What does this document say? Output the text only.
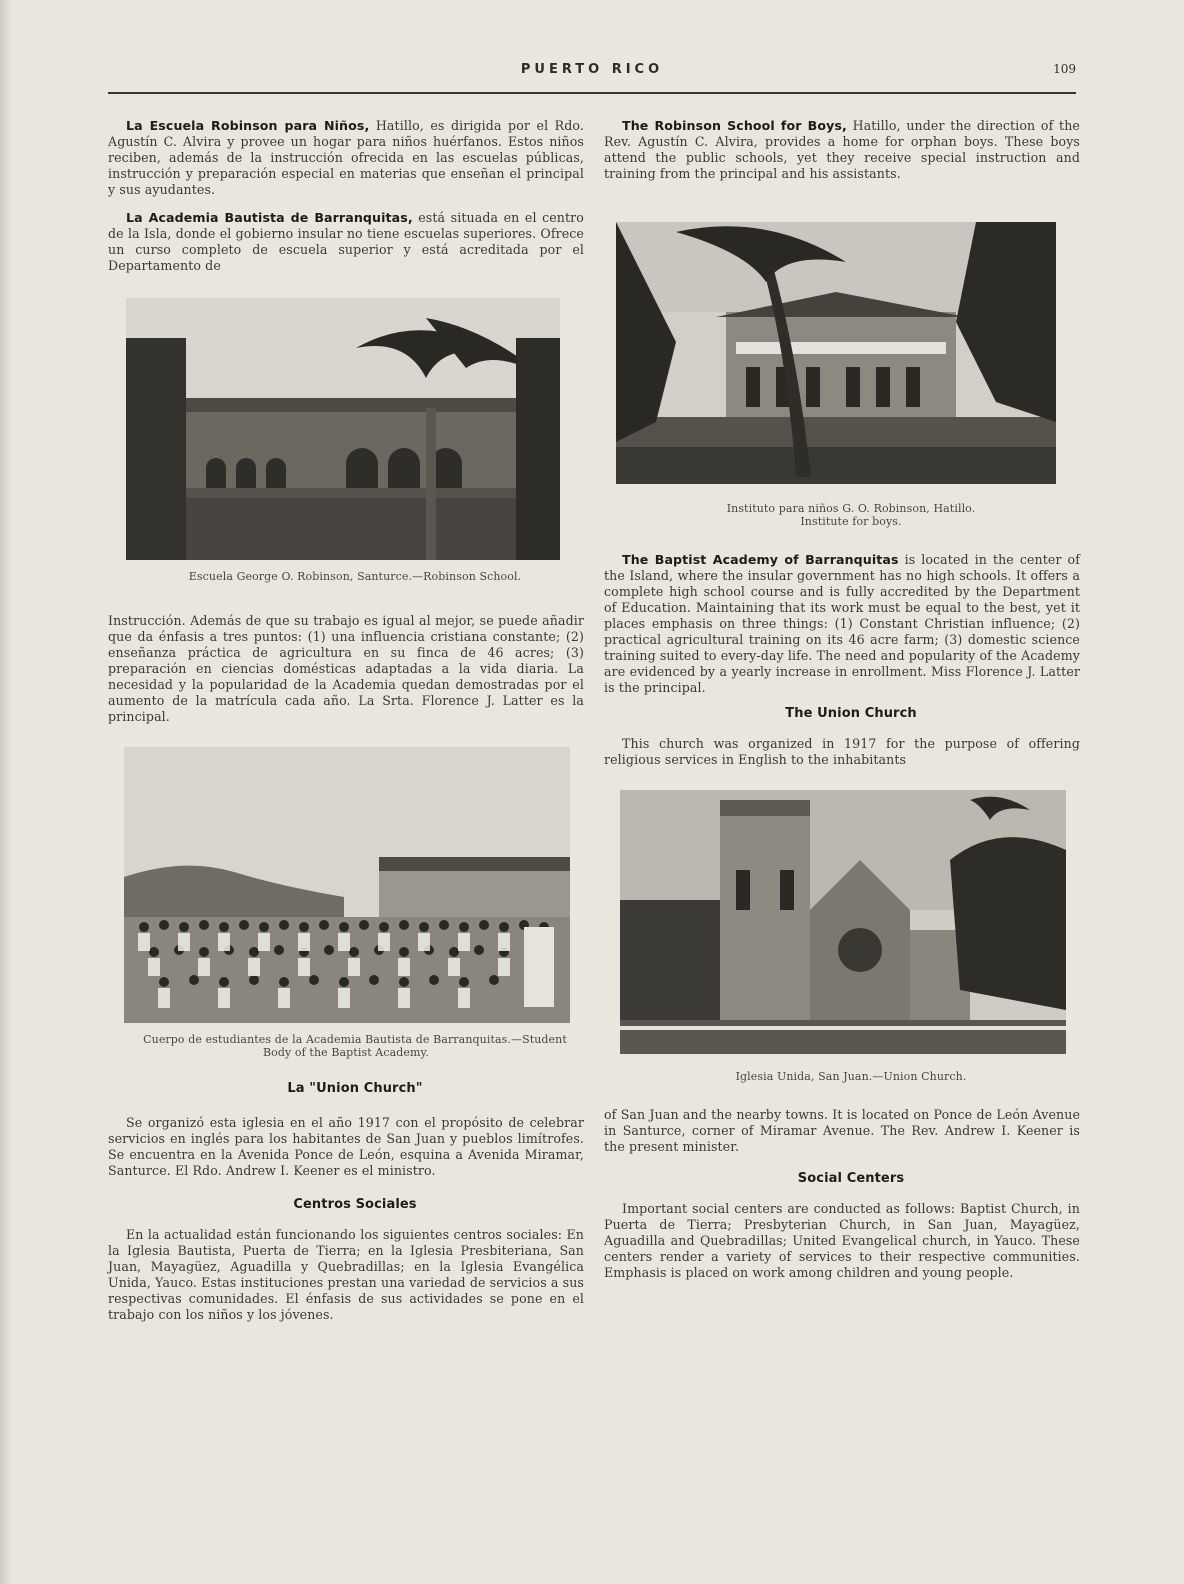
PUERTO RICO	109

La Escuela Robinson para Niños, Hatillo, es dirigida por el Rdo. Agustín C. Alvira y provee un hogar para niños huérfanos. Estos niños reciben, además de la instrucción ofrecida en las escuelas públicas, instrucción y preparación especial en materias que enseñan el principal y sus ayudantes.

La Academia Bautista de Barranquitas, está situada en el centro de la Isla, donde el gobierno insular no tiene escuelas superiores. Ofrece un curso completo de escuela superior y está acreditada por el Departamento de

Escuela George O. Robinson, Santurce.—Robinson School.

Instrucción. Además de que su trabajo es igual al mejor, se puede añadir que da énfasis a tres puntos: (1) una influencia cristiana constante; (2) enseñanza práctica de agricultura en su finca de 46 acres; (3) preparación en ciencias domésticas adaptadas a la vida diaria. La necesidad y la popularidad de la Academia quedan demostradas por el aumento de la matrícula cada año. La Srta. Florence J. Latter es la principal.

Cuerpo de estudiantes de la Academia Bautista de Barranquitas.—Student Body of the Baptist Academy.

La "Union Church"

Se organizó esta iglesia en el año 1917 con el propósito de celebrar servicios en inglés para los habitantes de San Juan y pueblos limítrofes. Se encuentra en la Avenida Ponce de León, esquina a Avenida Miramar, Santurce. El Rdo. Andrew I. Keener es el ministro.

Centros Sociales

En la actualidad están funcionando los siguientes centros sociales: En la Iglesia Bautista, Puerta de Tierra; en la Iglesia Presbiteriana, San Juan, Mayagüez, Aguadilla y Quebradillas; en la Iglesia Evangélica Unida, Yauco. Estas instituciones prestan una variedad de servicios a sus respectivas comunidades. El énfasis de sus actividades se pone en el trabajo con los niños y los jóvenes.

The Robinson School for Boys, Hatillo, under the direction of the Rev. Agustín C. Alvira, provides a home for orphan boys. These boys attend the public schools, yet they receive special instruction and training from the principal and his assistants.

Instituto para niños G. O. Robinson, Hatillo.

Institute for boys.

The Baptist Academy of Barranquitas is located in the center of the Island, where the insular government has no high schools. It offers a complete high school course and is fully accredited by the Department of Education. Maintaining that its work must be equal to the best, yet it places emphasis on three things: (1) Constant Christian influence; (2) practical agricultural training on its 46 acre farm; (3) domestic science training suited to every-day life. The need and popularity of the Academy are evidenced by a yearly increase in enrollment. Miss Florence J. Latter is the principal.

The Union Church

This church was organized in 1917 for the purpose of offering religious services in English to the inhabitants

Iglesia Unida, San Juan.—Union Church.

of San Juan and the nearby towns. It is located on Ponce de León Avenue in Santurce, corner of Miramar Avenue. The Rev. Andrew I. Keener is the present minister.

Social Centers

Important social centers are conducted as follows: Baptist Church, in Puerta de Tierra; Presbyterian Church, in San Juan, Mayagüez, Aguadilla and Quebradillas; United Evangelical church, in Yauco. These centers render a variety of services to their respective communities. Emphasis is placed on work among children and young people.
